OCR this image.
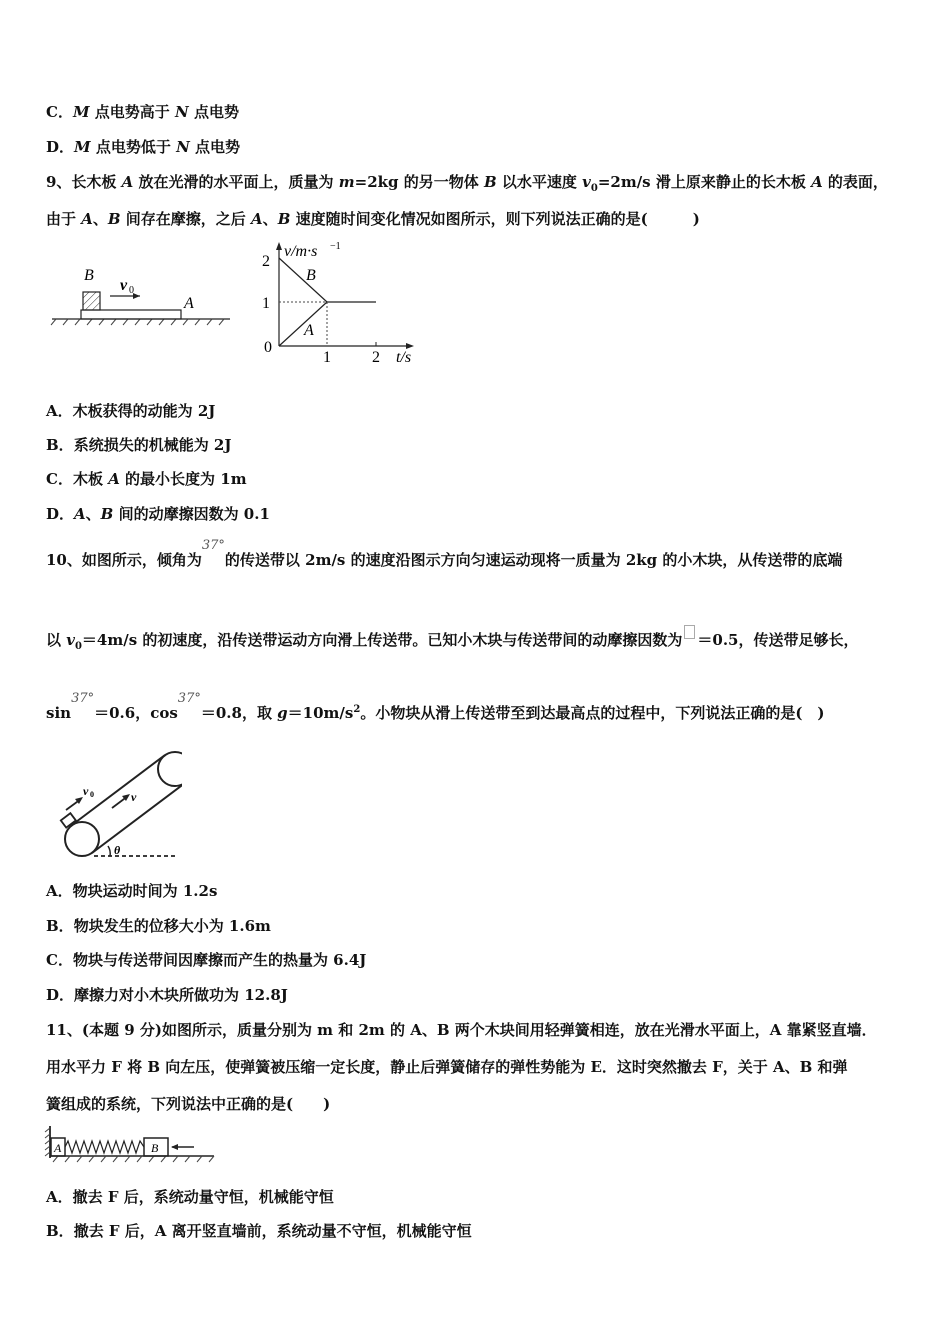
C．M 点电势高于 N 点电势
D．M 点电势低于 N 点电势
9、长木板 A 放在光滑的水平面上，质量为 m=2kg 的另一物体 B 以水平速度 $v_0=2m/s$ 滑上原来静止的长木板 A 的表面，
由于 A、B 间存在摩擦，之后 A、B 速度随时间变化情况如图所示，则下列说法正确的是(　　　)
B
v 0
A
2
1
0
1	2
v/m·s −1
t/s
B
A
A．木板获得的动能为 2J
B．系统损失的机械能为 2J
C．木板 A 的最小长度为 1m
D．A、B 间的动摩擦因数为 0.1
10、如图所示，倾角为37°的传送带以 2m/s 的速度沿图示方向匀速运动现将一质量为 2kg 的小木块，从传送带的底端
以 $v_0=4m/s$ 的初速度，沿传送带运动方向滑上传送带。已知小木块与传送带间的动摩擦因数为 ＝0.5，传送带足够长，
sin37°＝0.6，cos37°＝0.8，取 $g=10m/s^2$。小物块从滑上传送带至到达最高点的过程中，下列说法正确的是(　)
v 0	v
θ
A．物块运动时间为 1.2s
B．物块发生的位移大小为 1.6m
C．物块与传送带间因摩擦而产生的热量为 6.4J
D．摩擦力对小木块所做功为 12.8J
11、(本题 9 分)如图所示，质量分别为 m 和 2m 的 A、B 两个木块间用轻弹簧相连，放在光滑水平面上，A 靠紧竖直墙．
用水平力 F 将 B 向左压，使弹簧被压缩一定长度，静止后弹簧储存的弹性势能为 E．这时突然撤去 F，关于 A、B 和弹
簧组成的系统，下列说法中正确的是(　　)
A	B
A．撤去 F 后，系统动量守恒，机械能守恒
B．撤去 F 后，A 离开竖直墙前，系统动量不守恒，机械能守恒
